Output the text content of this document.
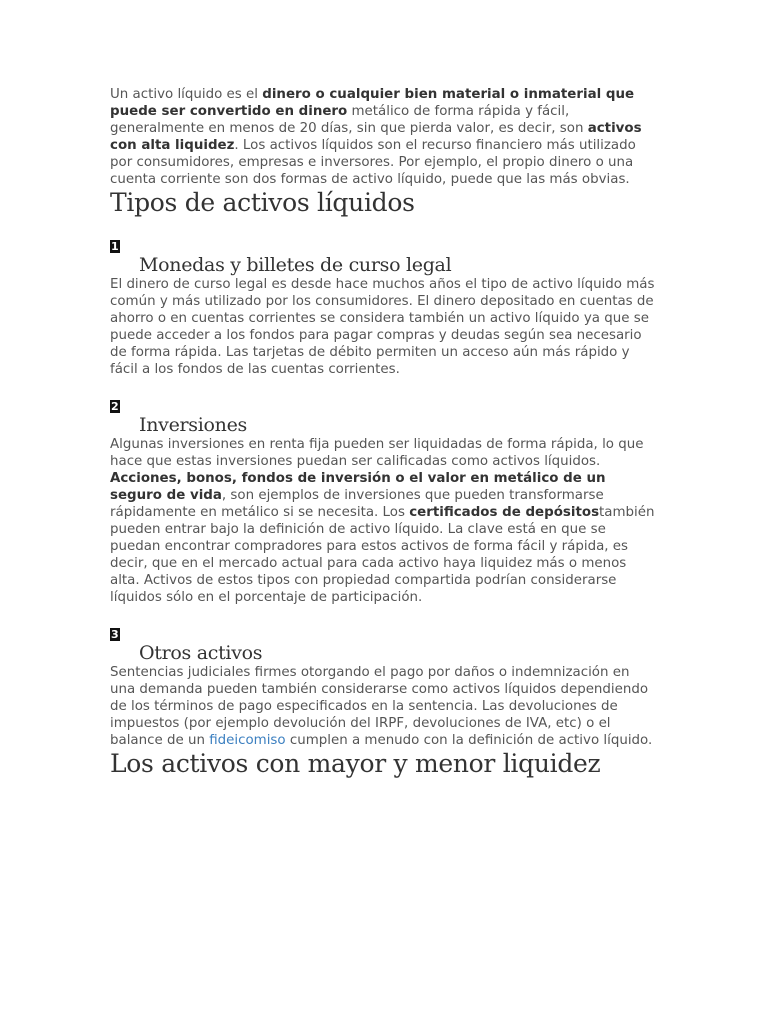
Un activo líquido es el dinero o cualquier bien material o inmaterial que puede ser convertido en dinero metálico de forma rápida y fácil, generalmente en menos de 20 días, sin que pierda valor, es decir, son activos con alta liquidez. Los activos líquidos son el recurso financiero más utilizado por consumidores, empresas e inversores. Por ejemplo, el propio dinero o una cuenta corriente son dos formas de activo líquido, puede que las más obvias.

Tipos de activos líquidos
1
Monedas y billetes de curso legal

El dinero de curso legal es desde hace muchos años el tipo de activo líquido más común y más utilizado por los consumidores. El dinero depositado en cuentas de ahorro o en cuentas corrientes se considera también un activo líquido ya que se puede acceder a los fondos para pagar compras y deudas según sea necesario de forma rápida. Las tarjetas de débito permiten un acceso aún más rápido y fácil a los fondos de las cuentas corrientes.

2
Inversiones

Algunas inversiones en renta fija pueden ser liquidadas de forma rápida, lo que hace que estas inversiones puedan ser calificadas como activos líquidos. Acciones, bonos, fondos de inversión o el valor en metálico de un seguro de vida, son ejemplos de inversiones que pueden transformarse rápidamente en metálico si se necesita. Los certificados de depósitostambién pueden entrar bajo la definición de activo líquido. La clave está en que se puedan encontrar compradores para estos activos de forma fácil y rápida, es decir, que en el mercado actual para cada activo haya liquidez más o menos alta. Activos de estos tipos con propiedad compartida podrían considerarse líquidos sólo en el porcentaje de participación.

3
Otros activos

Sentencias judiciales firmes otorgando el pago por daños o indemnización en una demanda pueden también considerarse como activos líquidos dependiendo de los términos de pago especificados en la sentencia. Las devoluciones de impuestos (por ejemplo devolución del IRPF, devoluciones de IVA, etc) o el balance de un fideicomiso cumplen a menudo con la definición de activo líquido.

Los activos con mayor y menor liquidez
